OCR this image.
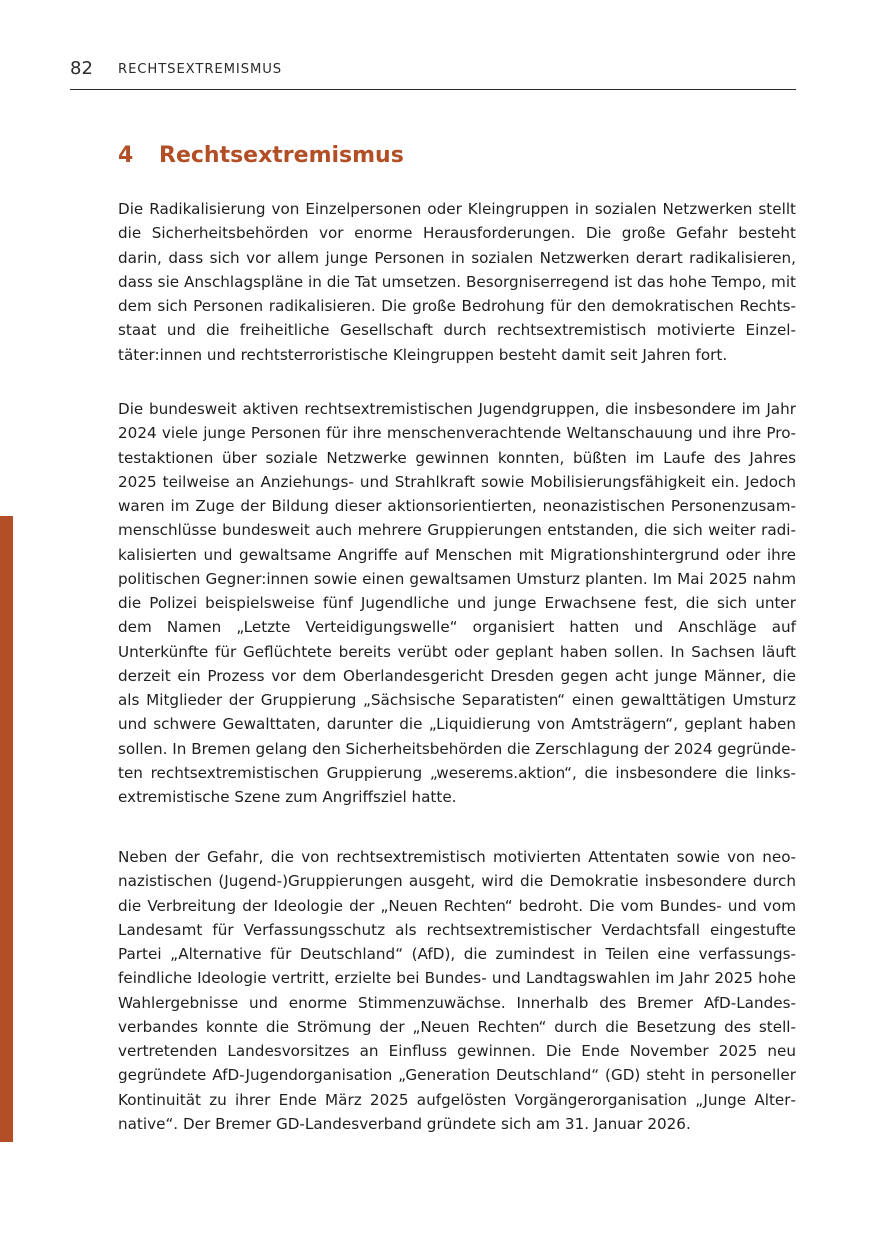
82 RECHTSEXTREMISMUS
4 Rechtsextremismus

Die Radikalisierung von Einzelpersonen oder Kleingruppen in sozialen Netzwerken stellt die Sicherheitsbehörden vor enorme Herausforderungen. Die große Gefahr besteht darin, dass sich vor allem junge Personen in sozialen Netzwerken derart radikalisieren, dass sie Anschlagspläne in die Tat umsetzen. Besorgniserregend ist das hohe Tempo, mit dem sich Personen radikalisieren. Die große Bedrohung für den demokratischen Rechtsstaat und die freiheitliche Gesellschaft durch rechtsextremistisch motivierte Einzeltäter:innen und rechtsterroristische Kleingruppen besteht damit seit Jahren fort.

Die bundesweit aktiven rechtsextremistischen Jugendgruppen, die insbesondere im Jahr 2024 viele junge Personen für ihre menschenverachtende Weltanschauung und ihre Protestaktionen über soziale Netzwerke gewinnen konnten, büßten im Laufe des Jahres 2025 teilweise an Anziehungs- und Strahlkraft sowie Mobilisierungsfähigkeit ein. Jedoch waren im Zuge der Bildung dieser aktionsorientierten, neonazistischen Personenzusammenschlüsse bundesweit auch mehrere Gruppierungen entstanden, die sich weiter radikalisierten und gewaltsame Angriffe auf Menschen mit Migrationshintergrund oder ihre politischen Gegner:innen sowie einen gewaltsamen Umsturz planten. Im Mai 2025 nahm die Polizei beispielsweise fünf Jugendliche und junge Erwachsene fest, die sich unter dem Namen „Letzte Verteidigungswelle“ organisiert hatten und Anschläge auf Unterkünfte für Geflüchtete bereits verübt oder geplant haben sollen. In Sachsen läuft derzeit ein Prozess vor dem Oberlandesgericht Dresden gegen acht junge Männer, die als Mitglieder der Gruppierung „Sächsische Separatisten“ einen gewalttätigen Umsturz und schwere Gewalttaten, darunter die „Liquidierung von Amtsträgern“, geplant haben sollen. In Bremen gelang den Sicherheitsbehörden die Zerschlagung der 2024 gegründeten rechtsextremistischen Gruppierung „weserems.aktion“, die insbesondere die linksextremistische Szene zum Angriffsziel hatte.

Neben der Gefahr, die von rechtsextremistisch motivierten Attentaten sowie von neonazistischen (Jugend-)Gruppierungen ausgeht, wird die Demokratie insbesondere durch die Verbreitung der Ideologie der „Neuen Rechten“ bedroht. Die vom Bundes- und vom Landesamt für Verfassungsschutz als rechtsextremistischer Verdachtsfall eingestufte Partei „Alternative für Deutschland“ (AfD), die zumindest in Teilen eine verfassungsfeindliche Ideologie vertritt, erzielte bei Bundes- und Landtagswahlen im Jahr 2025 hohe Wahlergebnisse und enorme Stimmenzuwächse. Innerhalb des Bremer AfD-Landesverbandes konnte die Strömung der „Neuen Rechten“ durch die Besetzung des stellvertretenden Landesvorsitzes an Einfluss gewinnen. Die Ende November 2025 neu gegründete AfD-Jugendorganisation „Generation Deutschland“ (GD) steht in personeller Kontinuität zu ihrer Ende März 2025 aufgelösten Vorgängerorganisation „Junge Alternative“. Der Bremer GD-Landesverband gründete sich am 31. Januar 2026.
